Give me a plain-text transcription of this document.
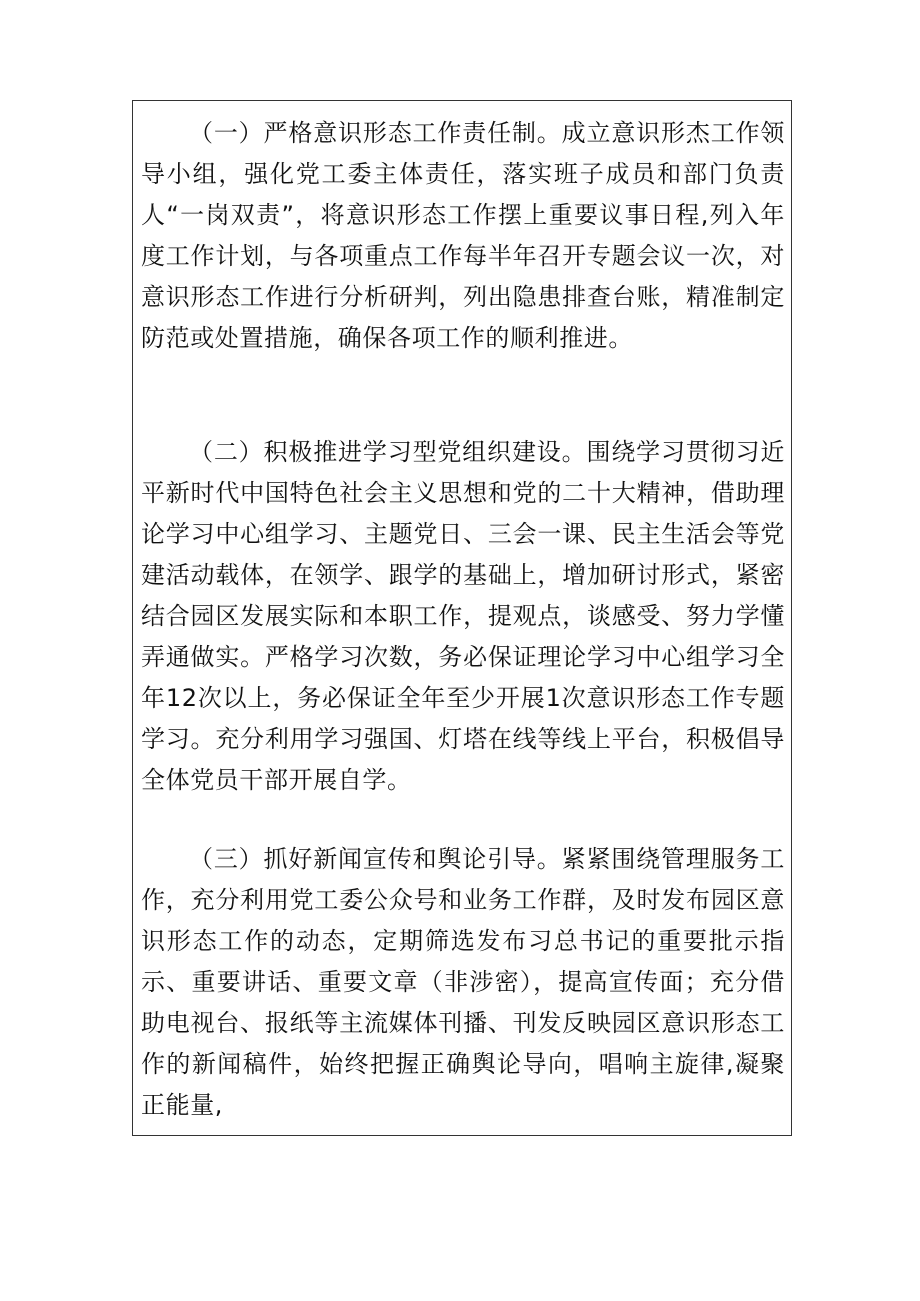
（一）严格意识形态工作责任制。成立意识形杰工作领导小组，强化党工委主体责任，落实班子成员和部门负责人“一岗双责”，将意识形态工作摆上重要议事日程,列入年度工作计划，与各项重点工作每半年召开专题会议一次，对意识形态工作进行分析研判，列出隐患排查台账，精准制定防范或处置措施，确保各项工作的顺利推进。

（二）积极推进学习型党组织建设。围绕学习贯彻习近平新时代中国特色社会主义思想和党的二十大精神，借助理论学习中心组学习、主题党日、三会一课、民主生活会等党建活动载体，在领学、跟学的基础上，增加研讨形式，紧密结合园区发展实际和本职工作，提观点，谈感受、努力学懂弄通做实。严格学习次数，务必保证理论学习中心组学习全年12次以上，务必保证全年至少开展1次意识形态工作专题学习。充分利用学习强国、灯塔在线等线上平台，积极倡导全体党员干部开展自学。

（三）抓好新闻宣传和舆论引导。紧紧围绕管理服务工作，充分利用党工委公众号和业务工作群，及时发布园区意识形态工作的动态，定期筛选发布习总书记的重要批示指示、重要讲话、重要文章（非涉密），提高宣传面；充分借助电视台、报纸等主流媒体刊播、刊发反映园区意识形态工作的新闻稿件，始终把握正确舆论导向，唱响主旋律,凝聚正能量,
